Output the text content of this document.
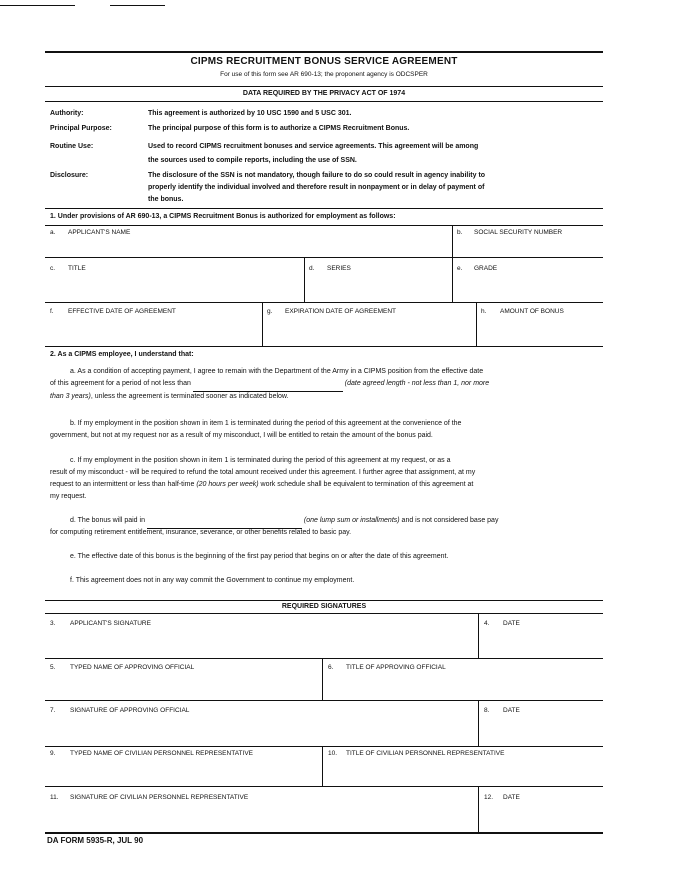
CIPMS RECRUITMENT BONUS SERVICE AGREEMENT
For use of this form see AR 690-13; the proponent agency is ODCSPER
DATA REQUIRED BY THE PRIVACY ACT OF 1974
Authority:	This agreement is authorized by 10 USC 1590 and 5 USC 301.
Principal Purpose:	The principal purpose of this form is to authorize a CIPMS Recruitment Bonus.
Routine Use:	Used to record CIPMS recruitment bonuses and service agreements. This agreement will be among
the sources used to compile reports, including the use of SSN.
Disclosure:	The disclosure of the SSN is not mandatory, though failure to do so could result in agency inability to
properly identify the individual involved and therefore result in nonpayment or in delay of payment of
the bonus.
1. Under provisions of AR 690-13, a CIPMS Recruitment Bonus is authorized for employment as follows:
a. APPLICANT'S NAME	b. SOCIAL SECURITY NUMBER
c. TITLE	d. SERIES	e. GRADE
f. EFFECTIVE DATE OF AGREEMENT	g. EXPIRATION DATE OF AGREEMENT	h. AMOUNT OF BONUS
2. As a CIPMS employee, I understand that:
a. As a condition of accepting payment, I agree to remain with the Department of the Army in a CIPMS position from the effective date
of this agreement for a period of not less than	(date agreed length - not less than 1, nor more
than 3 years), unless the agreement is terminated sooner as indicated below.
b. If my employment in the position shown in item 1 is terminated during the period of this agreement at the convenience of the
government, but not at my request nor as a result of my misconduct, I will be entitled to retain the amount of the bonus paid.
c. If my employment in the position shown in item 1 is terminated during the period of this agreement at my request, or as a
result of my misconduct - will be required to refund the total amount received under this agreement. I further agree that assignment, at my
request to an intermittent or less than half-time (20 hours per week) work schedule shall be equivalent to termination of this agreement at
my request.
d. The bonus will paid in	(one lump sum or installments) and is not considered base pay
for computing retirement entitlement, insurance, severance, or other benefits related to basic pay.
e. The effective date of this bonus is the beginning of the first pay period that begins on or after the date of this agreement.
f. This agreement does not in any way commit the Government to continue my employment.
REQUIRED SIGNATURES
3. APPLICANT'S SIGNATURE	4. DATE
5. TYPED NAME OF APPROVING OFFICIAL	6. TITLE OF APPROVING OFFICIAL
7. SIGNATURE OF APPROVING OFFICIAL	8. DATE
9. TYPED NAME OF CIVILIAN PERSONNEL REPRESENTATIVE	10. TITLE OF CIVILIAN PERSONNEL REPRESENTATIVE
11. SIGNATURE OF CIVILIAN PERSONNEL REPRESENTATIVE	12. DATE
DA FORM 5935-R, JUL 90
